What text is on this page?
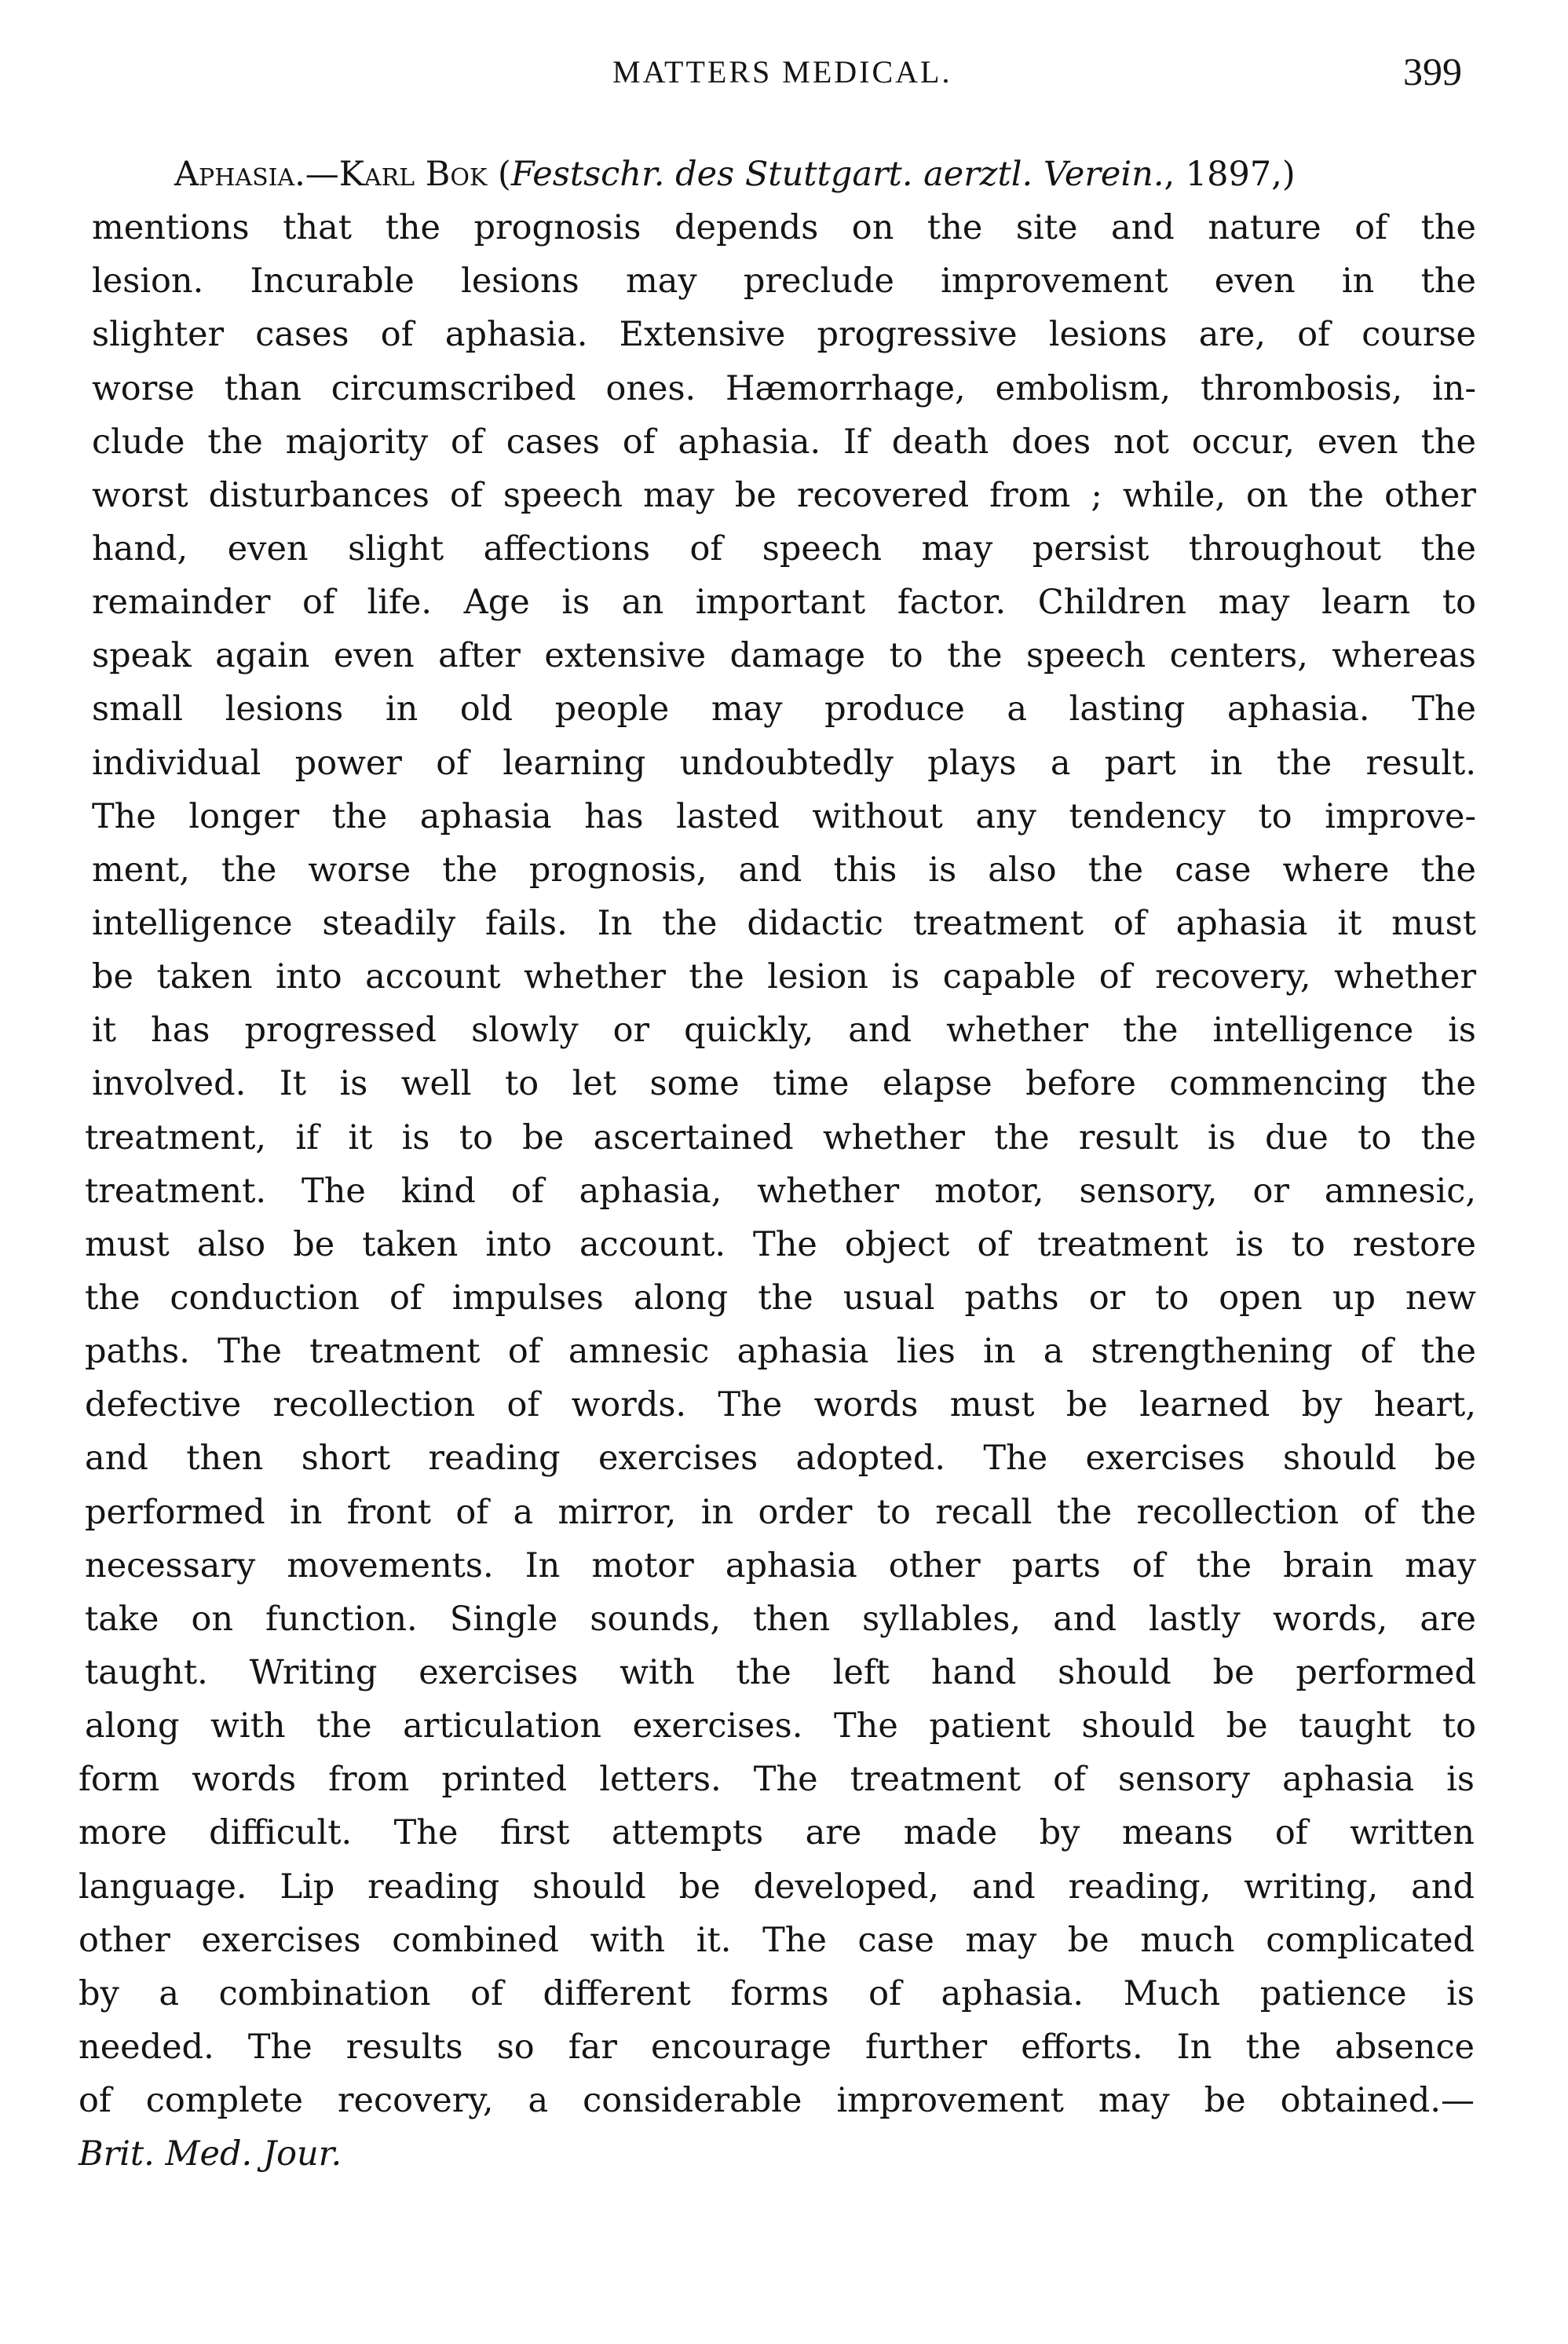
MATTERS MEDICAL.	399
Aphasia.—Karl Bok (Festschr. des Stuttgart. aerztl. Verein., 1897,)
mentions that the prognosis depends on the site and nature of the
lesion. Incurable lesions may preclude improvement even in the
slighter cases of aphasia. Extensive progressive lesions are, of course
worse than circumscribed ones. Hæmorrhage, embolism, thrombosis, in-
clude the majority of cases of aphasia. If death does not occur, even the
worst disturbances of speech may be recovered from ; while, on the other
hand, even slight affections of speech may persist throughout the
remainder of life. Age is an important factor. Children may learn to
speak again even after extensive damage to the speech centers, whereas
small lesions in old people may produce a lasting aphasia. The
individual power of learning undoubtedly plays a part in the result.
The longer the aphasia has lasted without any tendency to improve-
ment, the worse the prognosis, and this is also the case where the
intelligence steadily fails. In the didactic treatment of aphasia it must
be taken into account whether the lesion is capable of recovery, whether
it has progressed slowly or quickly, and whether the intelligence is
involved. It is well to let some time elapse before commencing the
treatment, if it is to be ascertained whether the result is due to the
treatment. The kind of aphasia, whether motor, sensory, or amnesic,
must also be taken into account. The object of treatment is to restore
the conduction of impulses along the usual paths or to open up new
paths. The treatment of amnesic aphasia lies in a strengthening of the
defective recollection of words. The words must be learned by heart,
and then short reading exercises adopted. The exercises should be
performed in front of a mirror, in order to recall the recollection of the
necessary movements. In motor aphasia other parts of the brain may
take on function. Single sounds, then syllables, and lastly words, are
taught. Writing exercises with the left hand should be performed
along with the articulation exercises. The patient should be taught to
form words from printed letters. The treatment of sensory aphasia is
more difficult. The first attempts are made by means of written
language. Lip reading should be developed, and reading, writing, and
other exercises combined with it. The case may be much complicated
by a combination of different forms of aphasia. Much patience is
needed. The results so far encourage further efforts. In the absence
of complete recovery, a considerable improvement may be obtained.—
Brit. Med. Jour.
